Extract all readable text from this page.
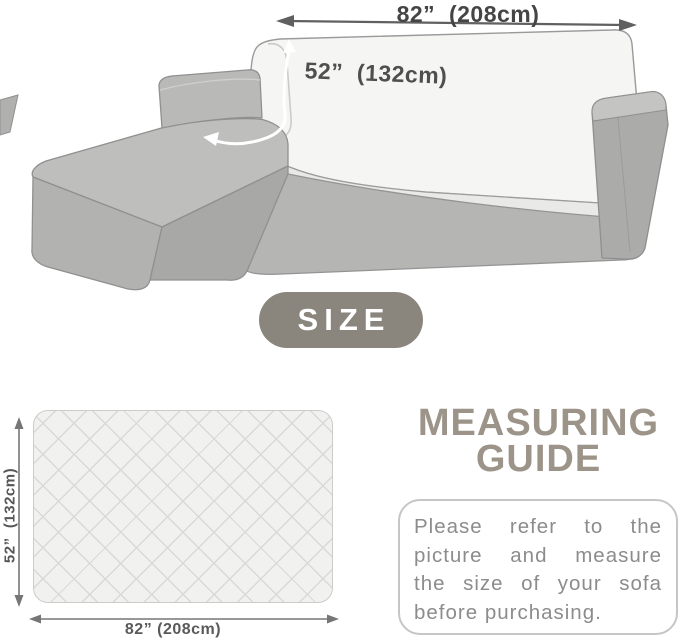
82”  (208cm)
52”  (132cm)
SIZE
52”  (132cm)
82” (208cm)
MEASURING
GUIDE
Please refer to the
picture and measure
the size of your sofa
before purchasing.
